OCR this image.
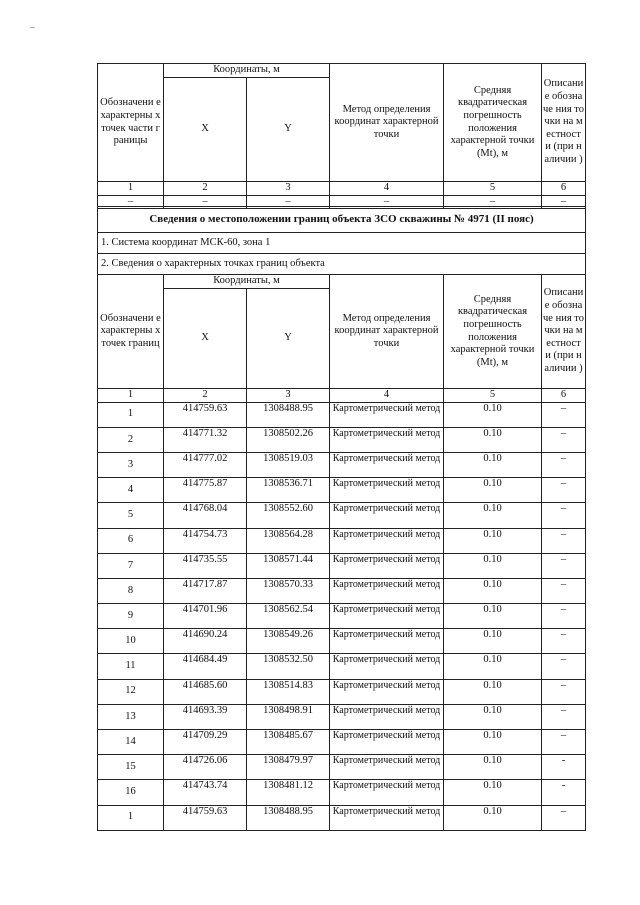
–
Обозначени е характерны х точек части границы	Координаты, м		Метод определения координат характерной точки	Средняя квадратическая погрешность положения характерной точки (Мt), м	Описани е обозначе ния точки на местност и (при наличии )
	X	Y			
1	2	3	4	5	6
–	–	–	–	–	–
Сведения о местоположении границ объекта ЗСО скважины № 4971 (II пояс)					
1. Система координат МСК-60, зона 1					
2. Сведения о характерных точках границ объекта					
Обозначени е характерны х точек границ	Координаты, м		Метод определения координат характерной точки	Средняя квадратическая погрешность положения характерной точки (Мt), м	Описани е обозначе ния точки на местност и (при наличии )
	X	Y			
1	2	3	4	5	6
1	414759.63	1308488.95	Картометрический метод	0.10	–
2	414771.32	1308502.26	Картометрический метод	0.10	–
3	414777.02	1308519.03	Картометрический метод	0.10	–
4	414775.87	1308536.71	Картометрический метод	0.10	–
5	414768.04	1308552.60	Картометрический метод	0.10	–
6	414754.73	1308564.28	Картометрический метод	0.10	–
7	414735.55	1308571.44	Картометрический метод	0.10	–
8	414717.87	1308570.33	Картометрический метод	0.10	–
9	414701.96	1308562.54	Картометрический метод	0.10	–
10	414690.24	1308549.26	Картометрический метод	0.10	–
11	414684.49	1308532.50	Картометрический метод	0.10	–
12	414685.60	1308514.83	Картометрический метод	0.10	–
13	414693.39	1308498.91	Картометрический метод	0.10	–
14	414709.29	1308485.67	Картометрический метод	0.10	–
15	414726.06	1308479.97	Картометрический метод	0.10	-
16	414743.74	1308481.12	Картометрический метод	0.10	-
1	414759.63	1308488.95	Картометрический метод	0.10	–
